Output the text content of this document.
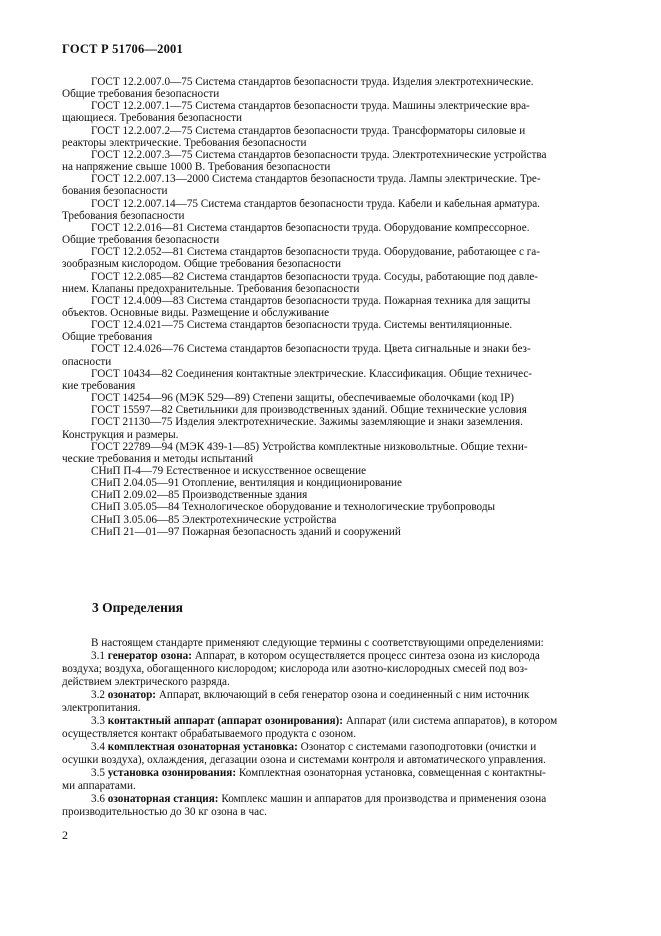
ГОСТ Р 51706—2001

ГОСТ 12.2.007.0—75 Система стандартов безопасности труда. Изделия электротехнические.

Общие требования безопасности

ГОСТ 12.2.007.1—75 Система стандартов безопасности труда. Машины электрические вра-

щающиеся. Требования безопасности

ГОСТ 12.2.007.2—75 Система стандартов безопасности труда. Трансформаторы силовые и

реакторы электрические. Требования безопасности

ГОСТ 12.2.007.3—75 Система стандартов безопасности труда. Электротехнические устройства

на напряжение свыше 1000 В. Требования безопасности

ГОСТ 12.2.007.13—2000 Система стандартов безопасности труда. Лампы электрические. Тре-

бования безопасности

ГОСТ 12.2.007.14—75 Система стандартов безопасности труда. Кабели и кабельная арматура.

Требования безопасности

ГОСТ 12.2.016—81 Система стандартов безопасности труда. Оборудование компрессорное.

Общие требования безопасности

ГОСТ 12.2.052—81 Система стандартов безопасности труда. Оборудование, работающее с га-

зообразным кислородом. Общие требования безопасности

ГОСТ 12.2.085—82 Система стандартов безопасности труда. Сосуды, работающие под давле-

нием. Клапаны предохранительные. Требования безопасности

ГОСТ 12.4.009—83 Система стандартов безопасности труда. Пожарная техника для защиты

объектов. Основные виды. Размещение и обслуживание

ГОСТ 12.4.021—75 Система стандартов безопасности труда. Системы вентиляционные.

Общие требования

ГОСТ 12.4.026—76 Система стандартов безопасности труда. Цвета сигнальные и знаки без-

опасности

ГОСТ 10434—82 Соединения контактные электрические. Классификация. Общие техничес-

кие требования

ГОСТ 14254—96 (МЭК 529—89) Степени защиты, обеспечиваемые оболочками (код IP)

ГОСТ 15597—82 Светильники для производственных зданий. Общие технические условия

ГОСТ 21130—75 Изделия электротехнические. Зажимы заземляющие и знаки заземления.

Конструкция и размеры.

ГОСТ 22789—94 (МЭК 439-1—85) Устройства комплектные низковольтные. Общие техни-

ческие требования и методы испытаний

СНиП П-4—79 Естественное и искусственное освещение

СНиП 2.04.05—91 Отопление, вентиляция и кондиционирование

СНиП 2.09.02—85 Производственные здания

СНиП 3.05.05—84 Технологическое оборудование и технологические трубопроводы

СНиП 3.05.06—85 Электротехнические устройства

СНиП 21—01—97 Пожарная безопасность зданий и сооружений

3 Определения

В настоящем стандарте применяют следующие термины с соответствующими определениями:

3.1 генератор озона: Аппарат, в котором осуществляется процесс синтеза озона из кислорода

воздуха; воздуха, обогащенного кислородом; кислорода или азотно-кислородных смесей под воз-

действием электрического разряда.

3.2 озонатор: Аппарат, включающий в себя генератор озона и соединенный с ним источник

электропитания.

3.3 контактный аппарат (аппарат озонирования): Аппарат (или система аппаратов), в котором

осуществляется контакт обрабатываемого продукта с озоном.

3.4 комплектная озонаторная установка: Озонатор с системами газоподготовки (очистки и

осушки воздуха), охлаждения, дегазации озона и системами контроля и автоматического управления.

3.5 установка озонирования: Комплектная озонаторная установка, совмещенная с контактны-

ми аппаратами.

3.6 озонаторная станция: Комплекс машин и аппаратов для производства и применения озона

производительностью до 30 кг озона в час.

2
